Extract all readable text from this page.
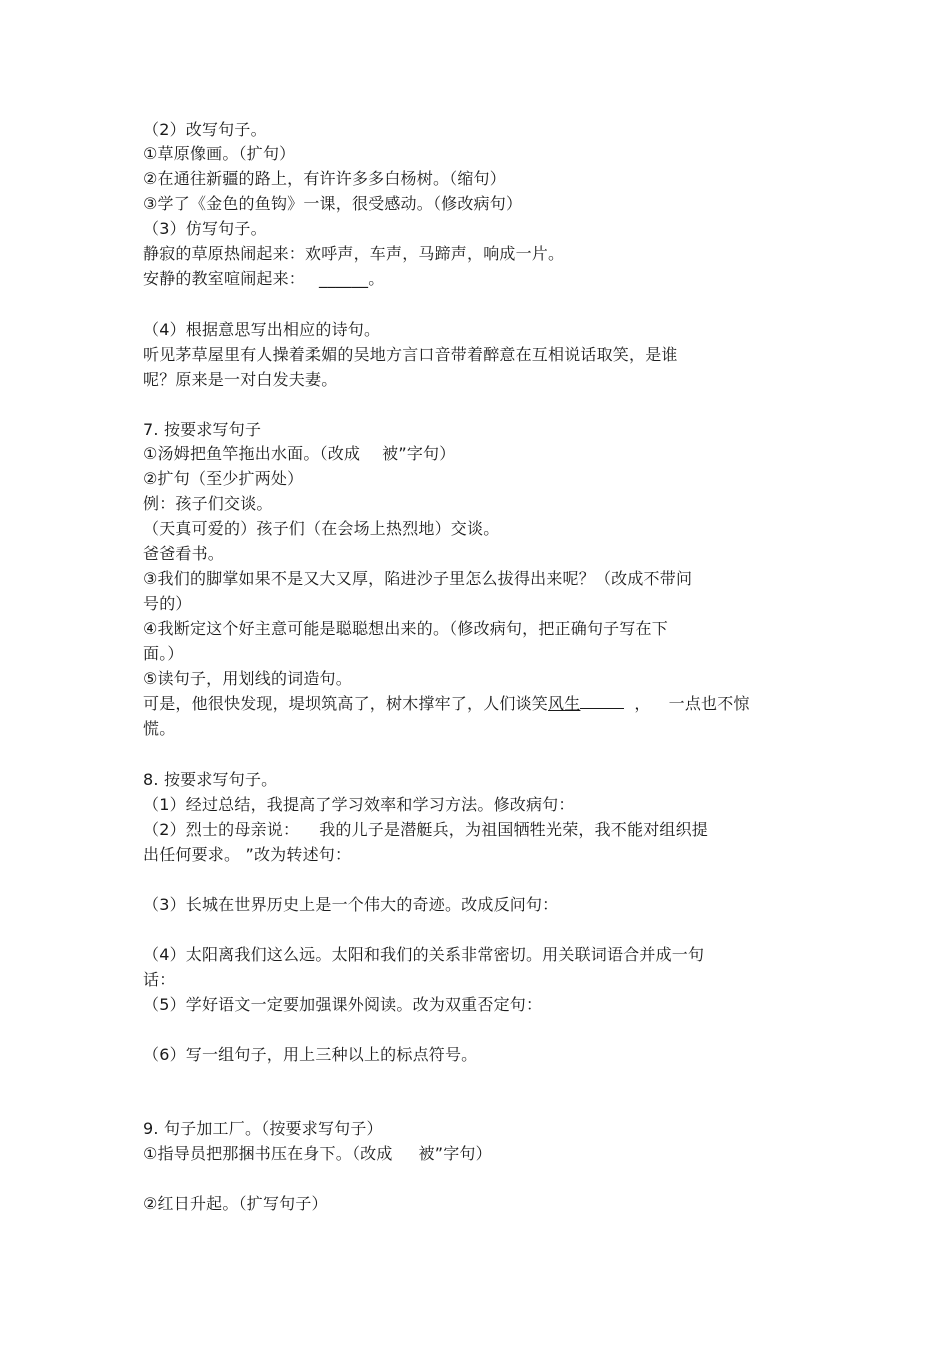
（2）改写句子。
①草原像画。（扩句）
②在通往新疆的路上，有许许多多白杨树。（缩句）
③学了《金色的鱼钩》一课，很受感动。（修改病句）
（3）仿写句子。
静寂的草原热闹起来：欢呼声，车声，马蹄声，响成一片。
安静的教室喧闹起来： ______。
（4）根据意思写出相应的诗句。
听见茅草屋里有人操着柔媚的吴地方言口音带着醉意在互相说话取笑，是谁
呢？原来是一对白发夫妻。
7. 按要求写句子
①汤姆把鱼竿拖出水面。（改成 被”字句）
②扩句（至少扩两处）
例：孩子们交谈。
（天真可爱的）孩子们（在会场上热烈地）交谈。
爸爸看书。
③我们的脚掌如果不是又大又厚，陷进沙子里怎么拔得出来呢？（改成不带问
号的）
④我断定这个好主意可能是聪聪想出来的。（修改病句，把正确句子写在下
面。）
⑤读句子，用划线的词造句。
可是，他很快发现，堤坝筑高了，树木撑牢了，人们谈笑风生	， 一点也不惊
慌。
8. 按要求写句子。
（1）经过总结，我提高了学习效率和学习方法。修改病句：
（2）烈士的母亲说： 我的儿子是潜艇兵，为祖国牺牲光荣，我不能对组织提
出任何要求。 ”改为转述句：
（3）长城在世界历史上是一个伟大的奇迹。改成反问句：
（4）太阳离我们这么远。太阳和我们的关系非常密切。用关联词语合并成一句
话：
（5）学好语文一定要加强课外阅读。改为双重否定句：
（6）写一组句子，用上三种以上的标点符号。
9. 句子加工厂。（按要求写句子）
①指导员把那捆书压在身下。（改成 被”字句）
②红日升起。（扩写句子）
